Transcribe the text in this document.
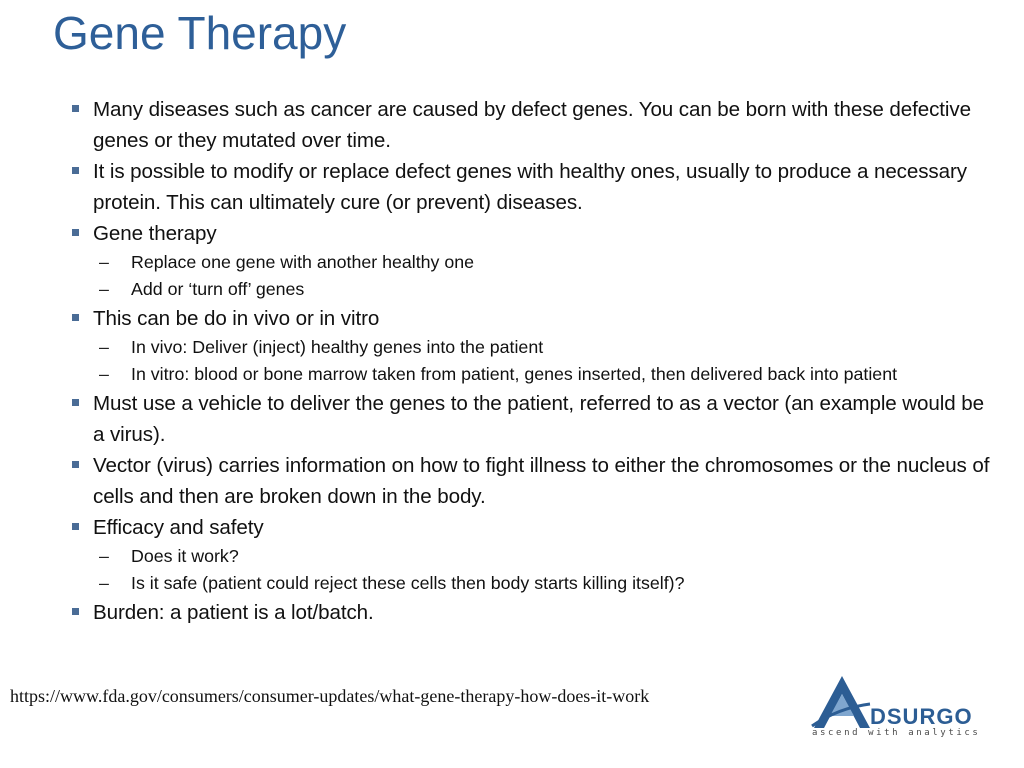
Gene Therapy
Many diseases such as cancer are caused by defect genes. You can be born with these defective genes or they mutated over time.
It is possible to modify or replace defect genes with healthy ones, usually to produce a necessary protein. This can ultimately cure (or prevent) diseases.
Gene therapy
– Replace one gene with another healthy one
– Add or ‘turn off’ genes
This can be do in vivo or in vitro
– In vivo: Deliver (inject) healthy genes into the patient
– In vitro: blood or bone marrow taken from patient, genes inserted, then delivered back into patient
Must use a vehicle to deliver the genes to the patient, referred to as a vector (an example would be a virus).
Vector (virus) carries information on how to fight illness to either the chromosomes or the nucleus of cells and then are broken down in the body.
Efficacy and safety
– Does it work?
– Is it safe (patient could reject these cells then body starts killing itself)?
Burden: a patient is a lot/batch.
https://www.fda.gov/consumers/consumer-updates/what-gene-therapy-how-does-it-work
DSURGO
ascend with analytics
